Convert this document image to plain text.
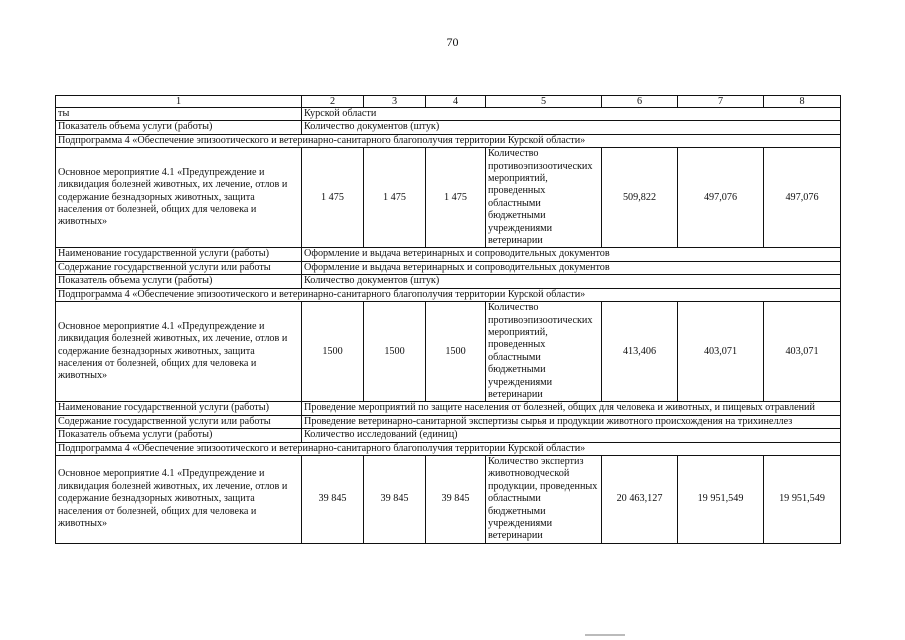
70
1	2	3	4	5	6	7	8
ты	Курской области						
Показатель объема услуги (работы)	Количество документов (штук)						
Подпрограмма 4 «Обеспечение эпизоотического и ветеринарно-санитарного благополучия территории Курской области»							
Основное мероприятие 4.1 «Предупреждение и ликвидация болезней животных, их лечение, отлов и содержание безнадзорных животных, защита населения от болезней, общих для человека и животных»	1 475	1 475	1 475	Количество противоэпизоотических мероприятий, проведенных областными бюджетными учреждениями ветеринарии	509,822	497,076	497,076
Наименование государственной услуги (работы)	Оформление и выдача ветеринарных и сопроводительных документов						
Содержание государственной услуги или работы	Оформление и выдача ветеринарных и сопроводительных документов						
Показатель объема услуги (работы)	Количество документов (штук)						
Подпрограмма 4 «Обеспечение эпизоотического и ветеринарно-санитарного благополучия территории Курской области»							
Основное мероприятие 4.1 «Предупреждение и ликвидация болезней животных, их лечение, отлов и содержание безнадзорных животных, защита населения от болезней, общих для человека и животных»	1500	1500	1500	Количество противоэпизоотических мероприятий, проведенных областными бюджетными учреждениями ветеринарии	413,406	403,071	403,071
Наименование государственной услуги (работы)	Проведение мероприятий по защите населения от болезней, общих для человека и животных, и пищевых отравлений						
Содержание государственной услуги или работы	Проведение ветеринарно-санитарной экспертизы сырья и продукции животного происхождения на трихинеллез						
Показатель объема услуги (работы)	Количество исследований (единиц)						
Подпрограмма 4 «Обеспечение эпизоотического и ветеринарно-санитарного благополучия территории Курской области»							
Основное мероприятие 4.1 «Предупреждение и ликвидация болезней животных, их лечение, отлов и содержание безнадзорных животных, защита населения от болезней, общих для человека и животных»	39 845	39 845	39 845	Количество экспертиз животноводческой продукции, проведенных областными бюджетными учреждениями ветеринарии	20 463,127	19 951,549	19 951,549
